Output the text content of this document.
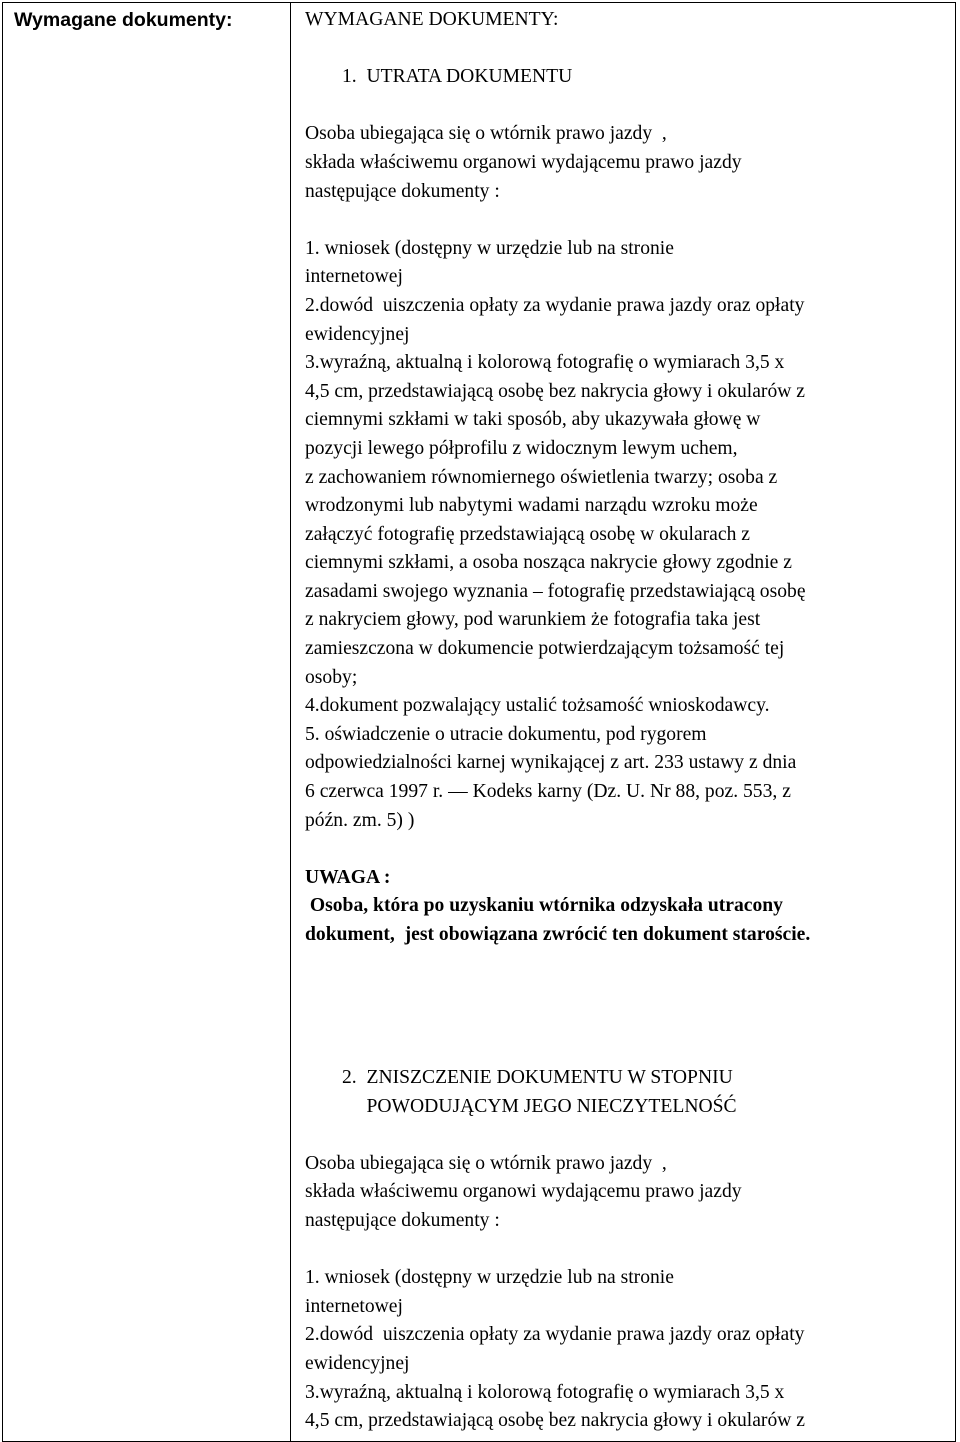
Wymagane dokumenty:	WYMAGANE DOKUMENTY:
1.  UTRATA DOKUMENTU
Osoba ubiegająca się o wtórnik prawo jazdy  ,
składa właściwemu organowi wydającemu prawo jazdy
następujące dokumenty :
1. wniosek (dostępny w urzędzie lub na stronie
internetowej
2.dowód  uiszczenia opłaty za wydanie prawa jazdy oraz opłaty
ewidencyjnej
3.wyraźną, aktualną i kolorową fotografię o wymiarach 3,5 x
4,5 cm, przedstawiającą osobę bez nakrycia głowy i okularów z
ciemnymi szkłami w taki sposób, aby ukazywała głowę w
pozycji lewego półprofilu z widocznym lewym uchem,
z zachowaniem równomiernego oświetlenia twarzy; osoba z
wrodzonymi lub nabytymi wadami narządu wzroku może
załączyć fotografię przedstawiającą osobę w okularach z
ciemnymi szkłami, a osoba nosząca nakrycie głowy zgodnie z
zasadami swojego wyznania – fotografię przedstawiającą osobę
z nakryciem głowy, pod warunkiem że fotografia taka jest
zamieszczona w dokumencie potwierdzającym tożsamość tej
osoby;
4.dokument pozwalający ustalić tożsamość wnioskodawcy.
5. oświadczenie o utracie dokumentu, pod rygorem
odpowiedzialności karnej wynikającej z art. 233 ustawy z dnia
6 czerwca 1997 r. — Kodeks karny (Dz. U. Nr 88, poz. 553, z
późn. zm. 5) )
UWAGA :
Osoba, która po uzyskaniu wtórnika odzyskała utracony
dokument,  jest obowiązana zwrócić ten dokument staroście.
2.  ZNISZCZENIE DOKUMENTU W STOPNIU
POWODUJĄCYM JEGO NIECZYTELNOŚĆ
Osoba ubiegająca się o wtórnik prawo jazdy  ,
składa właściwemu organowi wydającemu prawo jazdy
następujące dokumenty :
1. wniosek (dostępny w urzędzie lub na stronie
internetowej
2.dowód  uiszczenia opłaty za wydanie prawa jazdy oraz opłaty
ewidencyjnej
3.wyraźną, aktualną i kolorową fotografię o wymiarach 3,5 x
4,5 cm, przedstawiającą osobę bez nakrycia głowy i okularów z
